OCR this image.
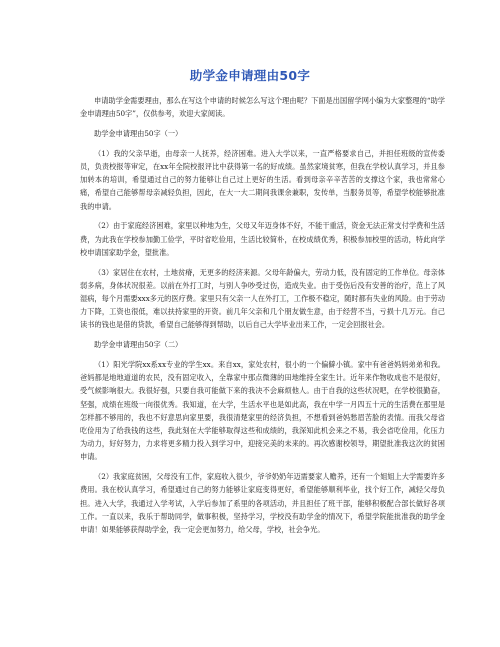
助学金申请理由50字

申请助学金需要理由，那么在写这个申请的时候怎么写这个理由呢？下面是出国留学网小编为大家整理的“助学金申请理由50字”，仅供参考，欢迎大家阅读。

助学金申请理由50字（一）

（1）我的父亲早逝，由母亲一人抚养，经济困难。进入大学以来，一直严格要求自己，并担任班级的宣传委员，负责校报等审定，在xx年全院校报评比中获得第一名的好成绩。虽然家境贫寒，但我在学校认真学习，并且参加转本的培训，希望通过自己的努力能够让自己过上更好的生活。看到母亲辛辛苦苦的支撑这个家，我也常常心痛，希望自己能够帮母亲减轻负担，因此，在大一大二期间我课余兼职，发传单，当服务员等，希望学校能够批准我的申请。

（2）由于家庭经济困难，家里以种地为生，父母又年迈身体不好，不能干重活，资金无法正常支付学费和生活费，为此我在学校参加勤工俭学，平时省吃俭用，生活比较简朴，在校成绩优秀，积极参加校里的活动，特此向学校申请国家助学金，望批准。

（3）家居住在农村，土地贫瘠，无更多的经济来源。父母年龄偏大，劳动力低，没有固定的工作单位。母亲体弱多病，身体状况很差。以前在外打工时，与别人争吵受过伤，造成失业。由于受伤后没有安善的治疗，范上了风湿病，每个月需要xxx多元的医疗费。家里只有父亲一人在外打工，工作极不稳定，随时都有失业的风险。由于劳动力下降，工资也很低，难以扶持家里的开资。前几年父亲和几个朋友做生意，由于经营不当，亏损十几万元。自己读书的钱也是借的贷款，希望自己能够得到帮助，以后自己大学毕业出来工作，一定会回报社会。

助学金申请理由50字（二）

（1）阳光学院xx系xx专业的学生xx。来自xx，家处农村，很小的一个偏僻小镇。家中有爸爸妈妈弟弟和我。爸妈都是地地道道的农民，没有固定收入，全靠家中那点微薄的田地维持全家生计。近年来作物收成也不是很好，受气候影响很大。我很好强，只要自我可能做下来的我决不会麻烦他人。由于自我的这些状况吧，在学校很勤奋，坚强，成绩在班级一向很优秀。我知道，在大学，生活水平也是如此高，我在中学一月四五十元的生活费在那里是怎样都不够用的，我也不好意思向家里要，我很清楚家里的经济负担，不想看到爸妈愁眉苦脸的表情。而我父母省吃俭用为了给我钱的这些，我此刻在大学能够取得这些和成绩的，我深知此机会来之不易，我会省吃俭用，化压力为动力，好好努力，力求将更多精力投入到学习中，迎接完美的未来的。再次感谢校领导，期望批准我这次的贫困申请。

（2）我家庭贫困，父母没有工作，家庭收入很少，爷爷奶奶年迈需要家人赡养，还有一个姐姐上大学需要许多费用。我在校认真学习，希望通过自己的努力能够让家庭变得更好，希望能够顺利毕业，找个好工作，减轻父母负担。进入大学，我通过入学考试，入学后参加了系里的各项活动，并且担任了班干部，能够积极配合部长做好各项工作。一直以来，我乐于帮助同学，做事积极，坚持学习，学校没有助学金的情况下，希望学院能批准我的助学金申请！如果能够获得助学金，我一定会更加努力，给父母，学校，社会争光。
